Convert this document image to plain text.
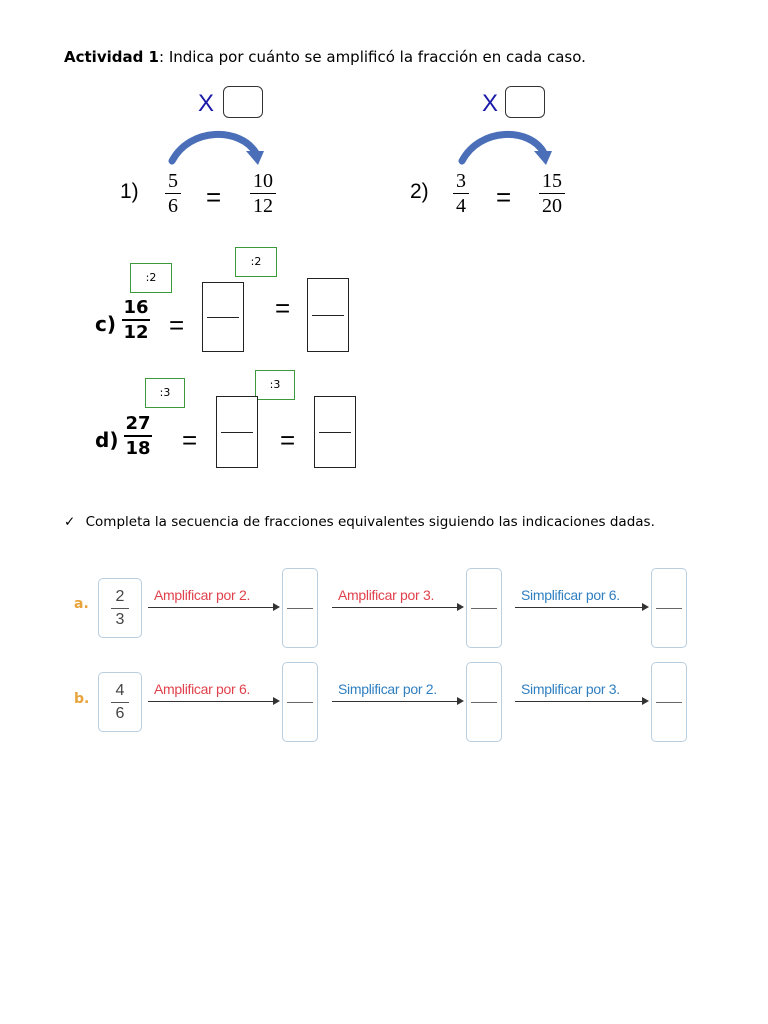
Actividad 1: Indica por cuánto se amplificó la fracción en cada caso.
X
1) 5
6 =
10
12
X
2) 3
4 =
15
20
:2
:2
c)
16
12 =
=
:3
:3
d)
27
18 =	=
✓ Completa la secuencia de fracciones equivalentes siguiendo las indicaciones dadas.
a. 2
3
Amplificar por 2.	Amplificar por 3.	Simplificar por 6.
b.
4
6
Amplificar por 6.	Simplificar por 2.	Simplificar por 3.
